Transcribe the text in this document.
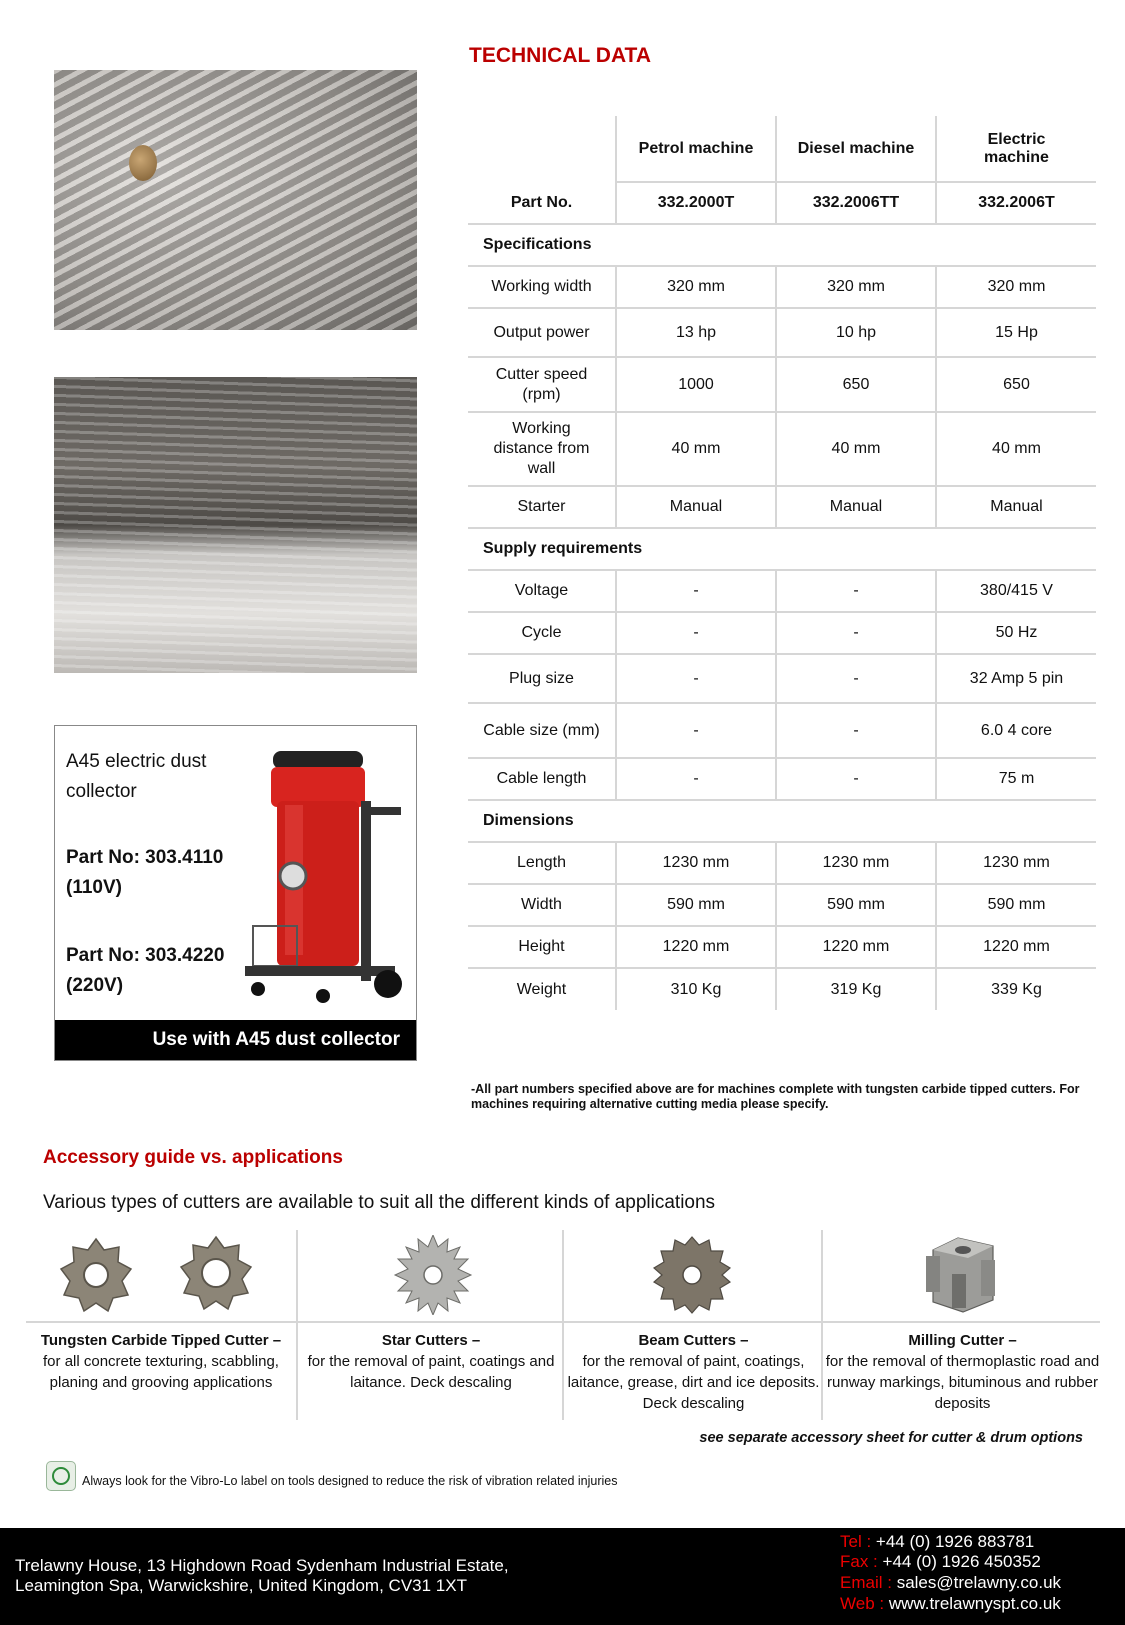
A45 electric dust collector
Part No: 303.4110 (110V)
Part No: 303.4220 (220V)
Use with A45 dust collector
TECHNICAL DATA
	Petrol machine	Diesel machine	Electric machine
Part No.	332.2000T	332.2006TT	332.2006T
Specifications			
Working width	320 mm	320 mm	320 mm
Output power	13 hp	10 hp	15 Hp
Cutter speed (rpm)	1000	650	650
Working distance from wall	40 mm	40 mm	40 mm
Starter	Manual	Manual	Manual
Supply requirements			
Voltage	-	-	380/415 V
Cycle	-	-	50 Hz
Plug size	-	-	32 Amp 5 pin
Cable size (mm)	-	-	6.0 4 core
Cable length	-	-	75 m
Dimensions			
Length	1230 mm	1230 mm	1230 mm
Width	590 mm	590 mm	590 mm
Height	1220 mm	1220 mm	1220 mm
Weight	310 Kg	319 Kg	339 Kg
-All part numbers specified above are for machines complete with tungsten carbide tipped cutters. For machines requiring alternative cutting media please specify.
Accessory guide vs. applications
Various types of cutters are available to suit all the different kinds of applications
Tungsten Carbide Tipped Cutter –
for all concrete texturing, scabbling, planing and grooving applications
Star Cutters –
for the removal of paint, coatings and laitance. Deck descaling
Beam Cutters –
for the removal of paint, coatings, laitance, grease, dirt and ice deposits. Deck descaling
Milling Cutter –
for the removal of thermoplastic road and runway markings, bituminous and rubber deposits
see separate accessory sheet for cutter & drum options
Always look for the Vibro-Lo label on tools designed to reduce the risk of vibration related injuries
Trelawny House, 13 Highdown Road Sydenham Industrial Estate,
Leamington Spa, Warwickshire, United Kingdom, CV31 1XT
Tel : +44 (0) 1926 883781
Fax : +44 (0) 1926 450352
Email : sales@trelawny.co.uk
Web : www.trelawnyspt.co.uk
